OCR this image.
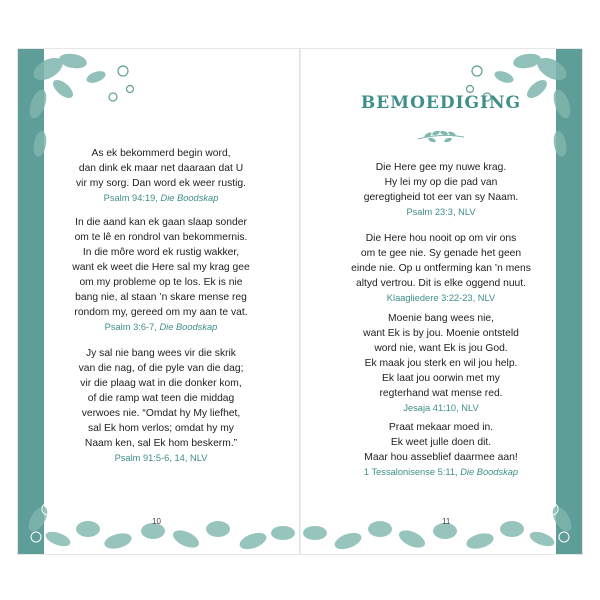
As ek bekommerd begin word,
dan dink ek maar net daaraan dat U
vir my sorg. Dan word ek weer rustig.
Psalm 94:19, Die Boodskap
In die aand kan ek gaan slaap sonder
om te lê en rondrol van bekommernis.
In die môre word ek rustig wakker,
want ek weet die Here sal my krag gee
om my probleme op te los. Ek is nie
bang nie, al staan ’n skare mense reg
rondom my, gereed om my aan te vat.
Psalm 3:6-7, Die Boodskap
Jy sal nie bang wees vir die skrik
van die nag, of die pyle van die dag;
vir die plaag wat in die donker kom,
of die ramp wat teen die middag
verwoes nie. “Omdat hy My liefhet,
sal Ek hom verlos; omdat hy my
Naam ken, sal Ek hom beskerm.”
Psalm 91:5-6, 14, NLV
10
BEMOEDIGING
Die Here gee my nuwe krag.
Hy lei my op die pad van
geregtigheid tot eer van sy Naam.
Psalm 23:3, NLV
Die Here hou nooit op om vir ons
om te gee nie. Sy genade het geen
einde nie. Op u ontferming kan ’n mens
altyd vertrou. Dit is elke oggend nuut.
Klaagliedere 3:22-23, NLV
Moenie bang wees nie,
want Ek is by jou. Moenie ontsteld
word nie, want Ek is jou God.
Ek maak jou sterk en wil jou help.
Ek laat jou oorwin met my
regterhand wat mense red.
Jesaja 41:10, NLV
Praat mekaar moed in.
Ek weet julle doen dit.
Maar hou asseblief daarmee aan!
1 Tessalonisense 5:11, Die Boodskap
11
